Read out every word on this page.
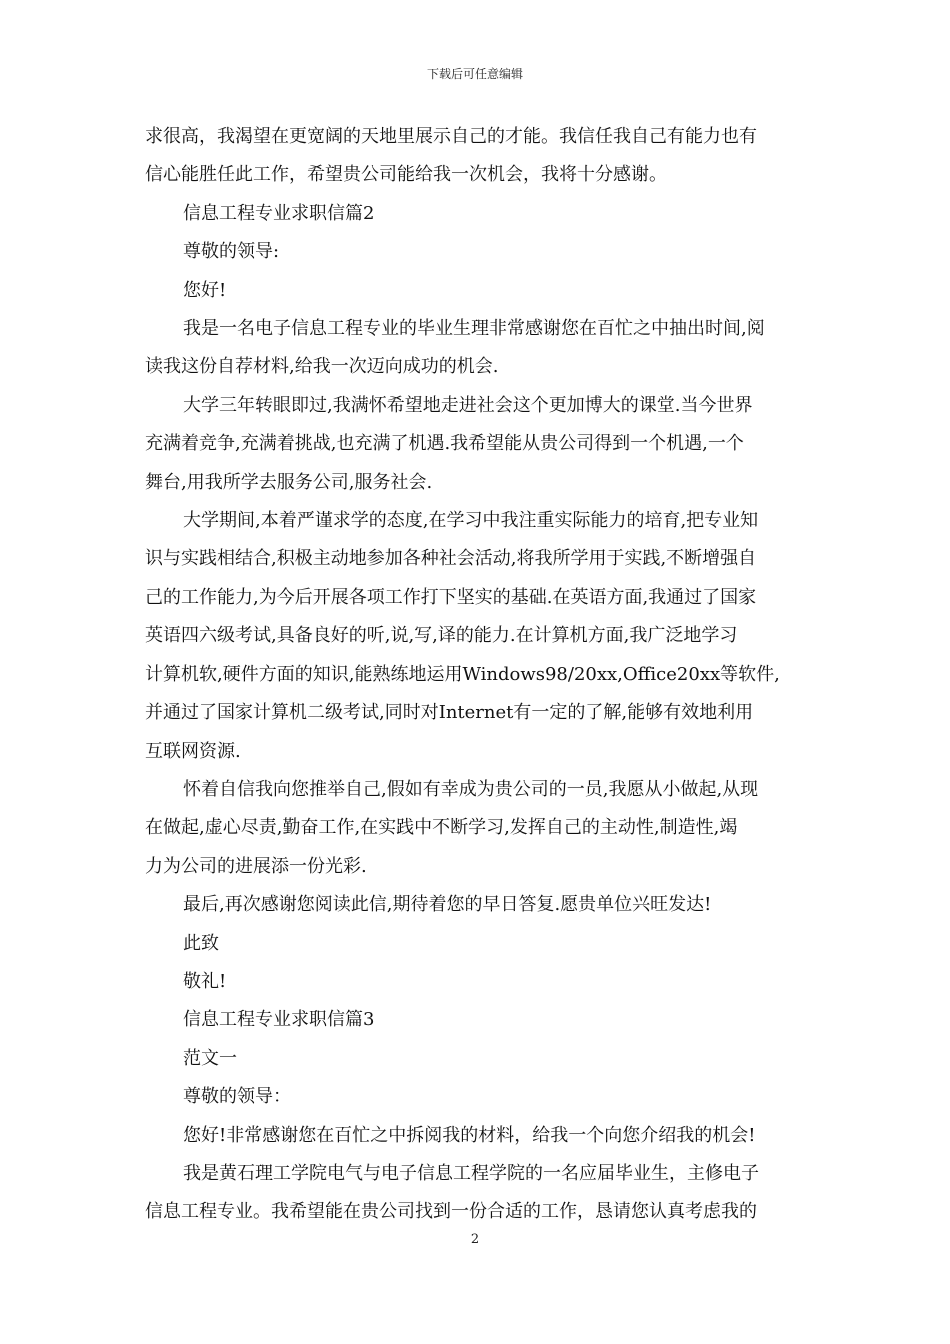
下载后可任意编辑

求很高，我渴望在更宽阔的天地里展示自己的才能。我信任我自己有能力也有

信心能胜任此工作，希望贵公司能给我一次机会，我将十分感谢。

信息工程专业求职信篇2

尊敬的领导:

您好!

我是一名电子信息工程专业的毕业生理非常感谢您在百忙之中抽出时间,阅

读我这份自荐材料,给我一次迈向成功的机会.

大学三年转眼即过,我满怀希望地走进社会这个更加博大的课堂.当今世界

充满着竞争,充满着挑战,也充满了机遇.我希望能从贵公司得到一个机遇,一个

舞台,用我所学去服务公司,服务社会.

大学期间,本着严谨求学的态度,在学习中我注重实际能力的培育,把专业知

识与实践相结合,积极主动地参加各种社会活动,将我所学用于实践,不断增强自

己的工作能力,为今后开展各项工作打下坚实的基础.在英语方面,我通过了国家

英语四六级考试,具备良好的听,说,写,译的能力.在计算机方面,我广泛地学习

计算机软,硬件方面的知识,能熟练地运用Windows98/20xx,Office20xx等软件,

并通过了国家计算机二级考试,同时对Internet有一定的了解,能够有效地利用

互联网资源.

怀着自信我向您推举自己,假如有幸成为贵公司的一员,我愿从小做起,从现

在做起,虚心尽责,勤奋工作,在实践中不断学习,发挥自己的主动性,制造性,竭

力为公司的进展添一份光彩.

最后,再次感谢您阅读此信,期待着您的早日答复.愿贵单位兴旺发达!

此致

敬礼!

信息工程专业求职信篇3

范文一

尊敬的领导：

您好!非常感谢您在百忙之中拆阅我的材料，给我一个向您介绍我的机会!

我是黄石理工学院电气与电子信息工程学院的一名应届毕业生，主修电子

信息工程专业。我希望能在贵公司找到一份合适的工作，恳请您认真考虑我的

2
